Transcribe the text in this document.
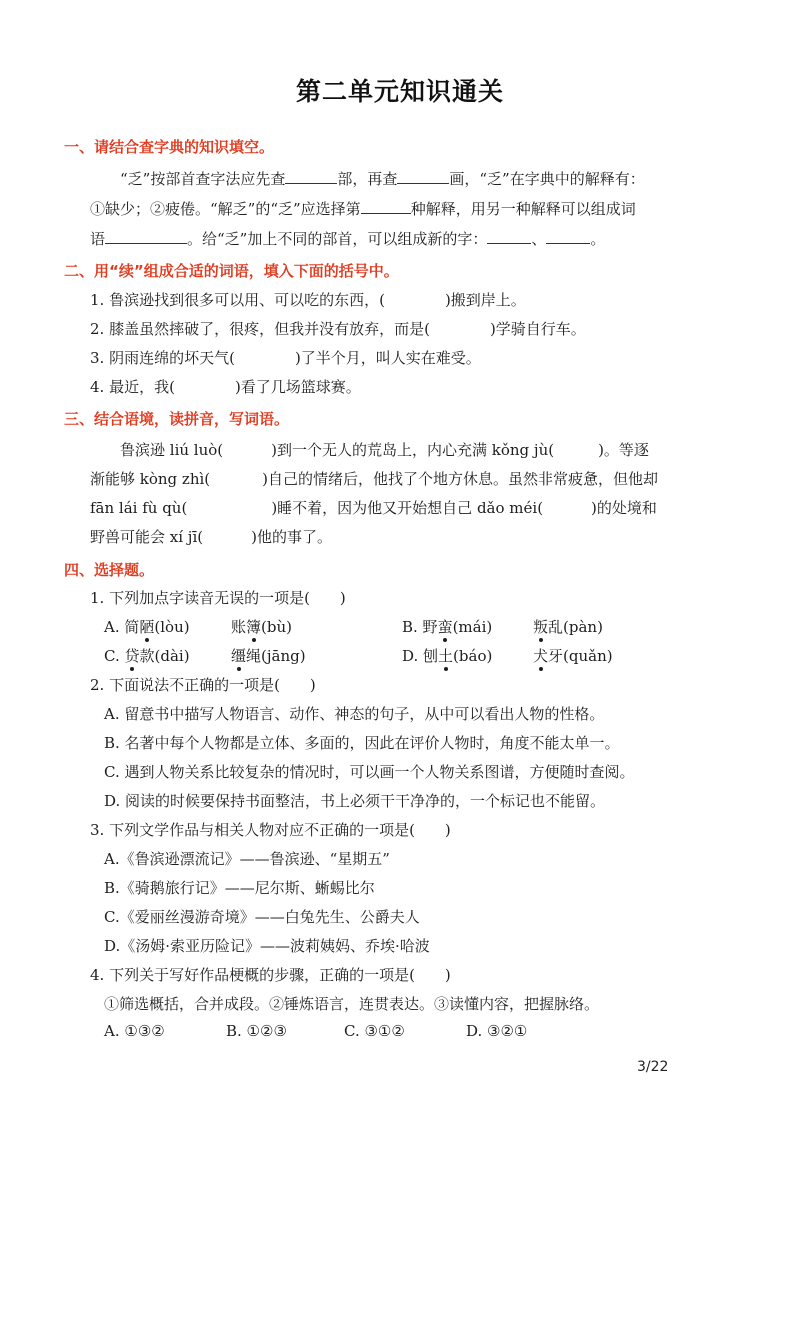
第二单元知识通关
一、请结合查字典的知识填空。
“乏”按部首查字法应先查	部，再查	画，“乏”在字典中的解释有：
①缺少；②疲倦。“解乏”的“乏”应选择第	种解释，用另一种解释可以组成词
语	。给“乏”加上不同的部首，可以组成新的字：	、	。
二、用“续”组成合适的词语，填入下面的括号中。
1. 鲁滨逊找到很多可以用、可以吃的东西，(	)搬到岸上。
2. 膝盖虽然摔破了，很疼，但我并没有放弃，而是(	)学骑自行车。
3. 阴雨连绵的坏天气(	)了半个月，叫人实在难受。
4. 最近，我(	)看了几场篮球赛。
三、结合语境，读拼音，写词语。
鲁滨逊 liú luò(	)到一个无人的荒岛上，内心充满 kǒng jù(	)。等逐
渐能够 kòng zhì(	)自己的情绪后，他找了个地方休息。虽然非常疲惫，但他却
fān lái fù qù(	)睡不着，因为他又开始想自己 dǎo méi(	)的处境和
野兽可能会 xí jī(	)他的事了。
四、选择题。
1. 下列加点字读音无误的一项是(　　)
A. 简陋(lòu)	账簿(bù)	B. 野蛮(mái)	叛乱(pàn)
C. 贷款(dài)	缰绳(jāng)	D. 刨土(báo)	犬牙(quǎn)
2. 下面说法不正确的一项是(　　)
A. 留意书中描写人物语言、动作、神态的句子，从中可以看出人物的性格。
B. 名著中每个人物都是立体、多面的，因此在评价人物时，角度不能太单一。
C. 遇到人物关系比较复杂的情况时，可以画一个人物关系图谱，方便随时查阅。
D. 阅读的时候要保持书面整洁，书上必须干干净净的，一个标记也不能留。
3. 下列文学作品与相关人物对应不正确的一项是(　　)
A.《鲁滨逊漂流记》——鲁滨逊、“星期五”
B.《骑鹅旅行记》——尼尔斯、蜥蜴比尔
C.《爱丽丝漫游奇境》——白兔先生、公爵夫人
D.《汤姆·索亚历险记》——波莉姨妈、乔埃·哈波
4. 下列关于写好作品梗概的步骤，正确的一项是(　　)
①筛选概括，合并成段。②锤炼语言，连贯表达。③读懂内容，把握脉络。
A. ①③②	B. ①②③	C. ③①②	D. ③②①
3/22
